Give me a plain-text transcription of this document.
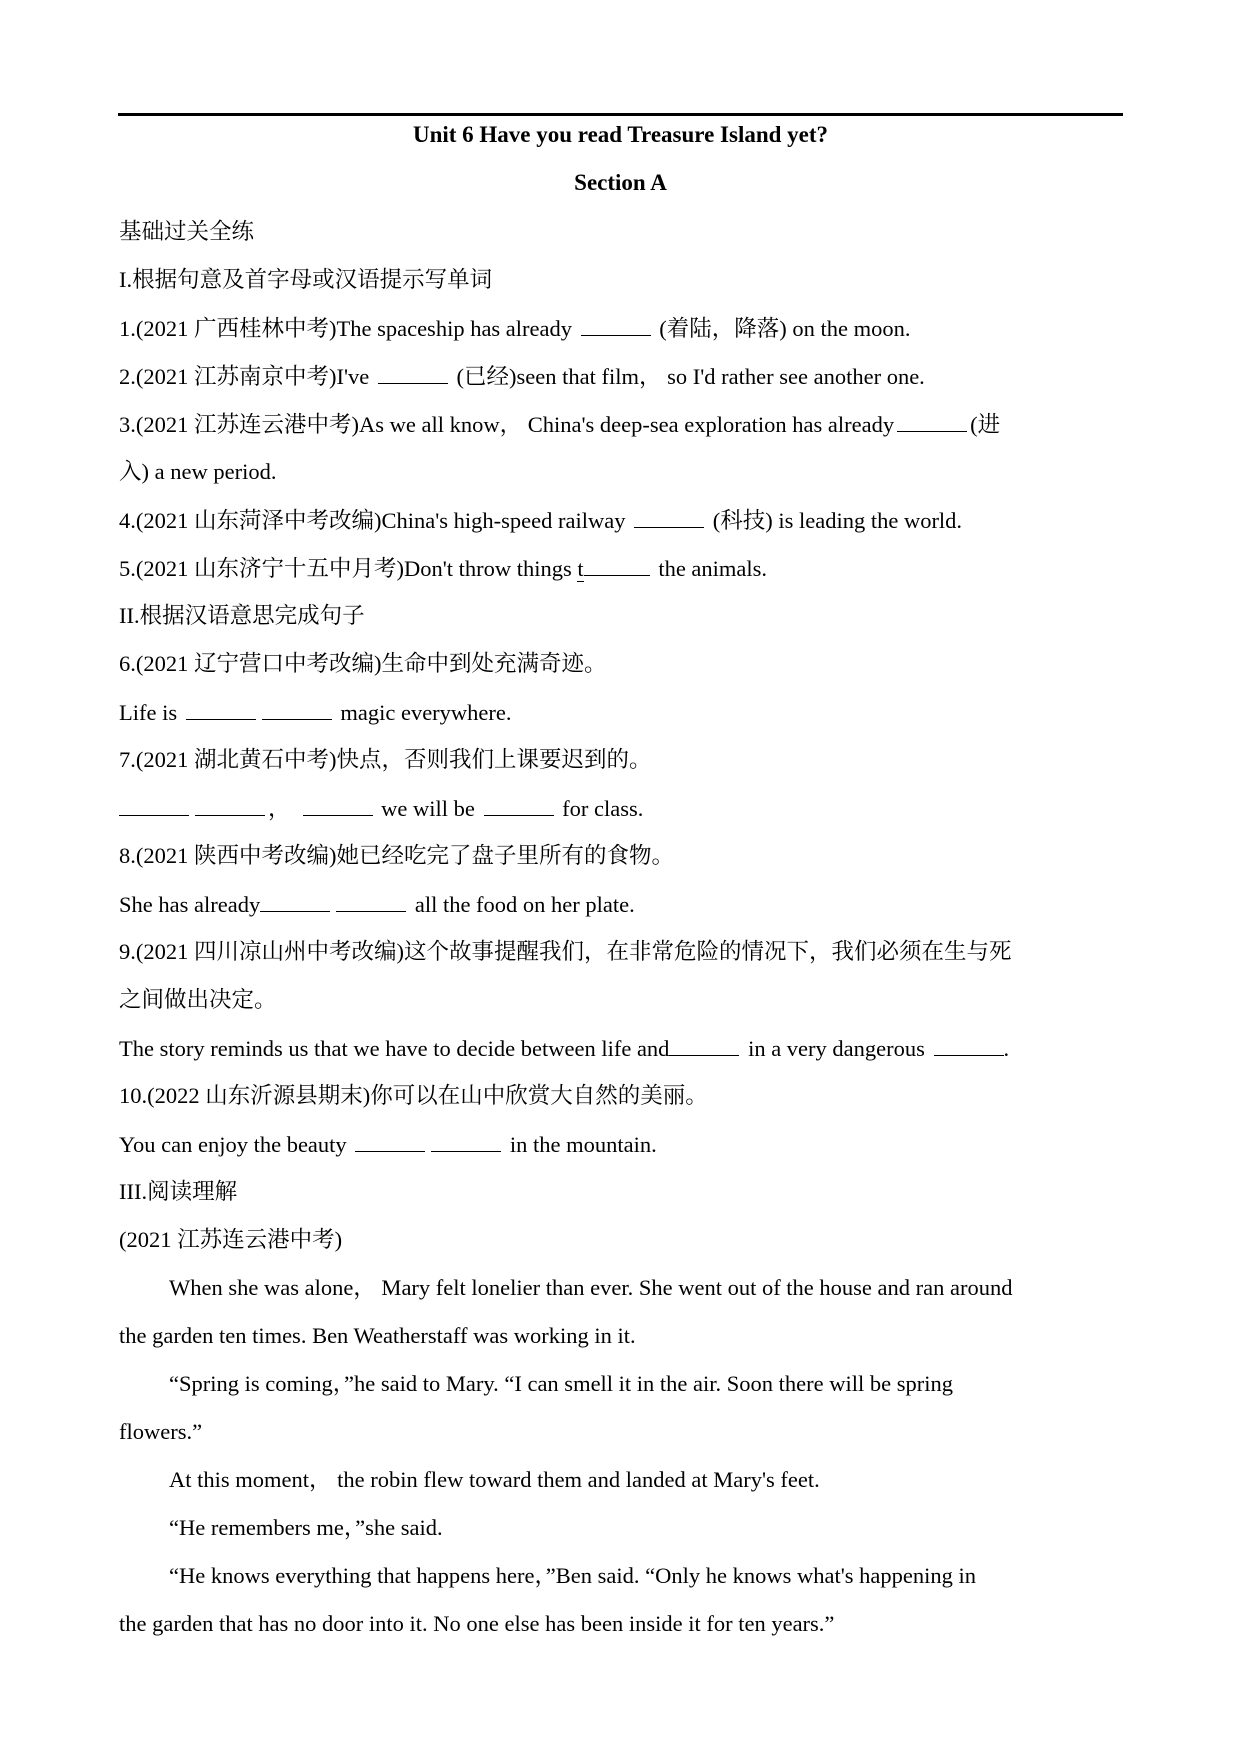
Unit 6 Have you read Treasure Island yet?
Section A
基础过关全练
I.根据句意及首字母或汉语提示写单词
1.(2021 广西桂林中考)The spaceship has already	(着陆，降落) on the moon.
2.(2021 江苏南京中考)I've	(已经)seen that film， so I'd rather see another one.
3.(2021 江苏连云港中考)As we all know， China's deep-sea exploration has already	(进
入) a new period.
4.(2021 山东菏泽中考改编)China's high-speed railway	(科技) is leading the world.
5.(2021 山东济宁十五中月考)Don't throw things t	the animals.
II.根据汉语意思完成句子
6.(2021 辽宁营口中考改编)生命中到处充满奇迹。
Life is	magic everywhere.
7.(2021 湖北黄石中考)快点，否则我们上课要迟到的。
，	we will be	for class.
8.(2021 陕西中考改编)她已经吃完了盘子里所有的食物。
She has already	all the food on her plate.
9.(2021 四川凉山州中考改编)这个故事提醒我们，在非常危险的情况下，我们必须在生与死
之间做出决定。
The story reminds us that we have to decide between life and	in a very dangerous	.
10.(2022 山东沂源县期末)你可以在山中欣赏大自然的美丽。
You can enjoy the beauty	in the mountain.
III.阅读理解
(2021 江苏连云港中考)
When she was alone， Mary felt lonelier than ever. She went out of the house and ran around
the garden ten times. Ben Weatherstaff was working in it.
“Spring is coming，”he said to Mary. “I can smell it in the air. Soon there will be spring
flowers.”
At this moment， the robin flew toward them and landed at Mary's feet.
“He remembers me，”she said.
“He knows everything that happens here，”Ben said. “Only he knows what's happening in
the garden that has no door into it. No one else has been inside it for ten years.”
